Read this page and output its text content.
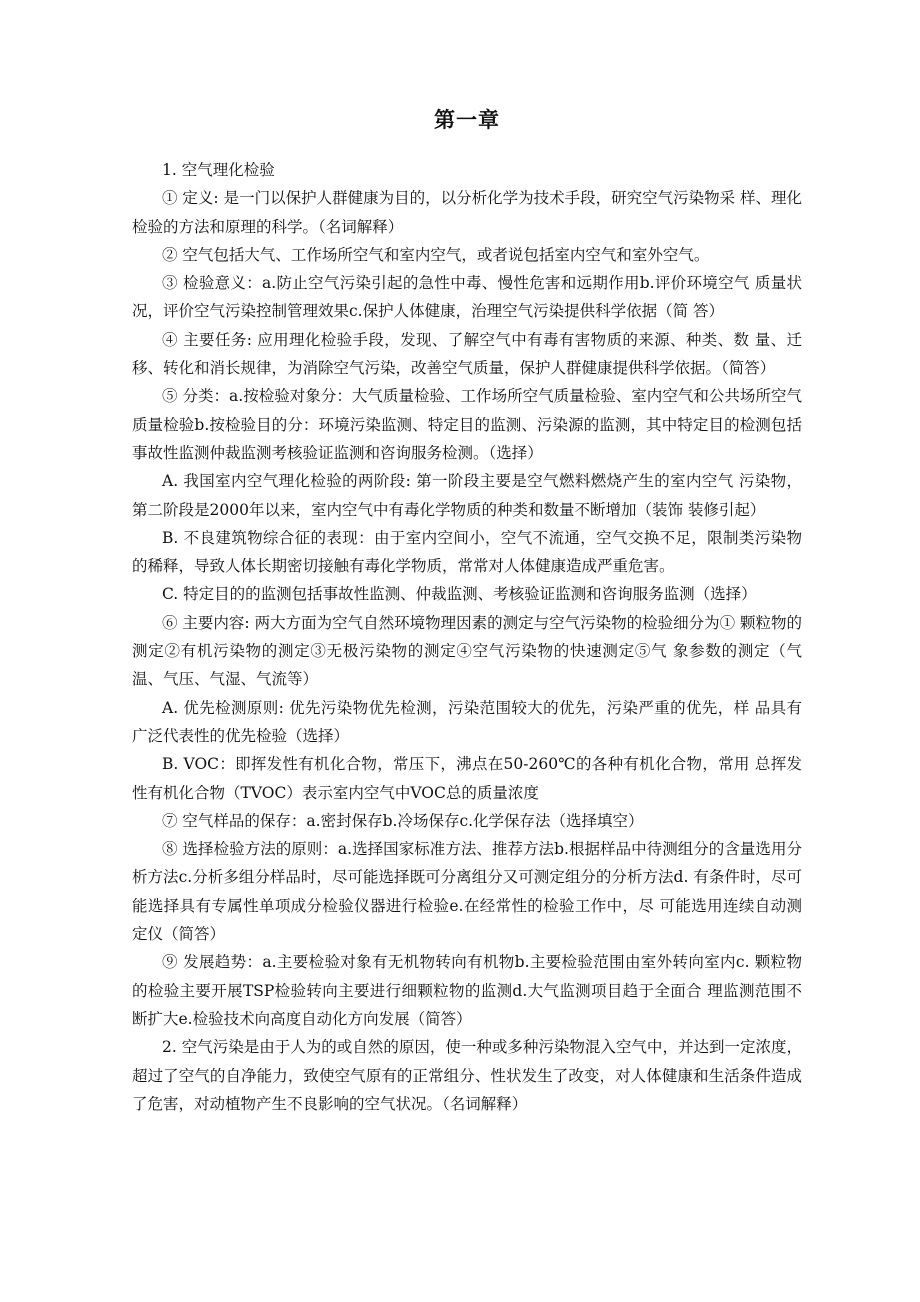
第一章

1. 空气理化检验

① 定义: 是一门以保护人群健康为目的，以分析化学为技术手段，研究空气污染物采 样、理化检验的方法和原理的科学。（名词解释）

② 空气包括大气、工作场所空气和室内空气，或者说包括室内空气和室外空气。

③ 检验意义：a.防止空气污染引起的急性中毒、慢性危害和远期作用b.评价环境空气 质量状况，评价空气污染控制管理效果c.保护人体健康，治理空气污染提供科学依据（简 答）

④ 主要任务: 应用理化检验手段，发现、了解空气中有毒有害物质的来源、种类、数 量、迁移、转化和消长规律，为消除空气污染，改善空气质量，保护人群健康提供科学依据。（简答）

⑤ 分类：a.按检验对象分：大气质量检验、工作场所空气质量检验、室内空气和公共场所空气质量检验b.按检验目的分：环境污染监测、特定目的监测、污染源的监测，其中特定目的检测包括事故性监测仲裁监测考核验证监测和咨询服务检测。（选择）

A. 我国室内空气理化检验的两阶段: 第一阶段主要是空气燃料燃烧产生的室内空气 污染物，第二阶段是2000年以来，室内空气中有毒化学物质的种类和数量不断增加（装饰 装修引起）

B. 不良建筑物综合征的表现：由于室内空间小，空气不流通，空气交换不足，限制类污染物的稀释，导致人体长期密切接触有毒化学物质，常常对人体健康造成严重危害。

C. 特定目的的监测包括事故性监测、仲裁监测、考核验证监测和咨询服务监测（选择）

⑥ 主要内容: 两大方面为空气自然环境物理因素的测定与空气污染物的检验细分为① 颗粒物的测定②有机污染物的测定③无极污染物的测定④空气污染物的快速测定⑤气 象参数的测定（气温、气压、气湿、气流等）

A. 优先检测原则: 优先污染物优先检测，污染范围较大的优先，污染严重的优先，样 品具有广泛代表性的优先检验（选择）

B. VOC：即挥发性有机化合物，常压下，沸点在50-260℃的各种有机化合物，常用 总挥发性有机化合物（TVOC）表示室内空气中VOC总的质量浓度

⑦ 空气样品的保存：a.密封保存b.冷场保存c.化学保存法（选择填空）

⑧ 选择检验方法的原则：a.选择国家标准方法、推荐方法b.根据样品中待测组分的含量选用分析方法c.分析多组分样品时，尽可能选择既可分离组分又可测定组分的分析方法d. 有条件时，尽可能选择具有专属性单项成分检验仪器进行检验e.在经常性的检验工作中，尽 可能选用连续自动测定仪（简答）

⑨ 发展趋势：a.主要检验对象有无机物转向有机物b.主要检验范围由室外转向室内c. 颗粒物的检验主要开展TSP检验转向主要进行细颗粒物的监测d.大气监测项目趋于全面合 理监测范围不断扩大e.检验技术向高度自动化方向发展（简答）

2. 空气污染是由于人为的或自然的原因，使一种或多种污染物混入空气中，并达到一定浓度，超过了空气的自净能力，致使空气原有的正常组分、性状发生了改变，对人体健康和生活条件造成了危害，对动植物产生不良影响的空气状况。（名词解释）
